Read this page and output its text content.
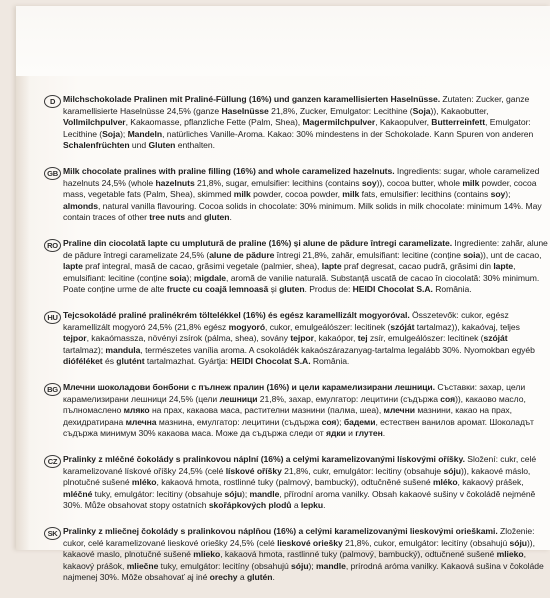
D Milchschokolade Pralinen mit Praliné-Füllung (16%) und ganzen karamellisierten Haselnüsse. Zutaten: Zucker, ganze karamellisierte Haselnüsse 24,5% (ganze Haselnüsse 21,8%, Zucker, Emulgator: Lecithine (Soja)), Kakaobutter, Vollmilchpulver, Kakaomasse, pflanzliche Fette (Palm, Shea), Magermilchpulver, Kakaopulver, Butterreinfett, Emulgator: Lecithine (Soja); Mandeln, natürliches Vanille-Aroma. Kakao: 30% mindestens in der Schokolade. Kann Spuren von anderen Schalenfrüchten und Gluten enthalten.
GB Milk chocolate pralines with praline filling (16%) and whole caramelized hazelnuts. Ingredients: sugar, whole caramelized hazelnuts 24,5% (whole hazelnuts 21,8%, sugar, emulsifier: lecithins (contains soy)), cocoa butter, whole milk powder, cocoa mass, vegetable fats (Palm, Shea), skimmed milk powder, cocoa powder, milk fats, emulsifier: lecithins (contains soy); almonds, natural vanilla flavouring. Cocoa solids in chocolate: 30% minimum. Milk solids in milk chocolate: minimum 14%. May contain traces of other tree nuts and gluten.
RO Praline din ciocolată lapte cu umplutură de praline (16%) și alune de pădure întregi caramelizate. Ingrediente: zahăr, alune de pădure întregi caramelizate 24,5% (alune de pădure întregi 21,8%, zahăr, emulsifiant: lecitine (conține soia)), unt de cacao, lapte praf integral, masă de cacao, grăsimi vegetale (palmier, shea), lapte praf degresat, cacao pudră, grăsimi din lapte, emulsifiant: lecitine (conține soia); migdale, aromă de vanilie naturală. Substanță uscată de cacao în ciocolată: 30% minimum. Poate conține urme de alte fructe cu coajă lemnoasă și gluten. Produs de: HEIDI Chocolat S.A. România.
HU Tejcsokoládé praliné pralinékrém töltelékkel (16%) és egész karamellizált mogyoróval. Összetevők: cukor, egész karamellizált mogyoró 24,5% (21,8% egész mogyoró, cukor, emulgeálószer: lecitinek (szóját tartalmaz)), kakaóvaj, teljes tejpor, kakaómassza, növényi zsírok (pálma, shea), sovány tejpor, kakaópor, tej zsír, emulgeálószer: lecitinek (szóját tartalmaz); mandula, természetes vanília aroma. A csokoládék kakaószárazanyag-tartalma legalább 30%. Nyomokban egyéb dióféléket és glutént tartalmazhat. Gyártja: HEIDI Chocolat S.A. România.
BG Млечни шоколадови бонбони с пълнеж пралин (16%) и цели карамелизирани лешници. Съставки: захар, цели карамелизирани лешници 24,5% (цели лешници 21,8%, захар, емулгатор: лецитини (съдържа соя)), какаово масло, пълномаслено мляко на прах, какаова маса, растителни мазнини (палма, шеа), млечни мазнини, какао на прах, дехидратирана млечна мазнина, емулгатор: лецитини (съдържа соя); бадеми, естествен ванилов аромат. Шоколадът съдържа минимум 30% какаова маса. Може да съдържа следи от ядки и глутен.
CZ Pralinky z mléčné čokolády s pralinkovou náplní (16%) a celými karamelizovanými lískovými oříšky. Složení: cukr, celé karamelizované lískové oříšky 24,5% (celé lískové oříšky 21,8%, cukr, emulgátor: lecitiny (obsahuje sóju)), kakaové máslo, plnotučné sušené mléko, kakaová hmota, rostlinné tuky (palmový, bambucký), odtučněné sušené mléko, kakaový prášek, mléčné tuky, emulgátor: lecitiny (obsahuje sóju); mandle, přírodní aroma vanilky. Obsah kakaové sušiny v čokoládě nejméně 30%. Může obsahovat stopy ostatních skořápkových plodů a lepku.
SK Pralinky z mliečnej čokolády s pralinkovou náplňou (16%) a celými karamelizovanými lieskovými orieškami. Zloženie: cukor, celé karamelizované lieskové oriešky 24,5% (celé lieskové oriešky 21,8%, cukor, emulgátor: lecitíny (obsahujú sóju)), kakaové maslo, plnotučné sušené mlieko, kakaová hmota, rastlinné tuky (palmový, bambucký), odtučnené sušené mlieko, kakaový prášok, mliečne tuky, emulgátor: lecitíny (obsahujú sóju); mandle, prírodná aróma vanilky. Kakaová sušina v čokoláde najmenej 30%. Môže obsahovať aj iné orechy a glutén.
